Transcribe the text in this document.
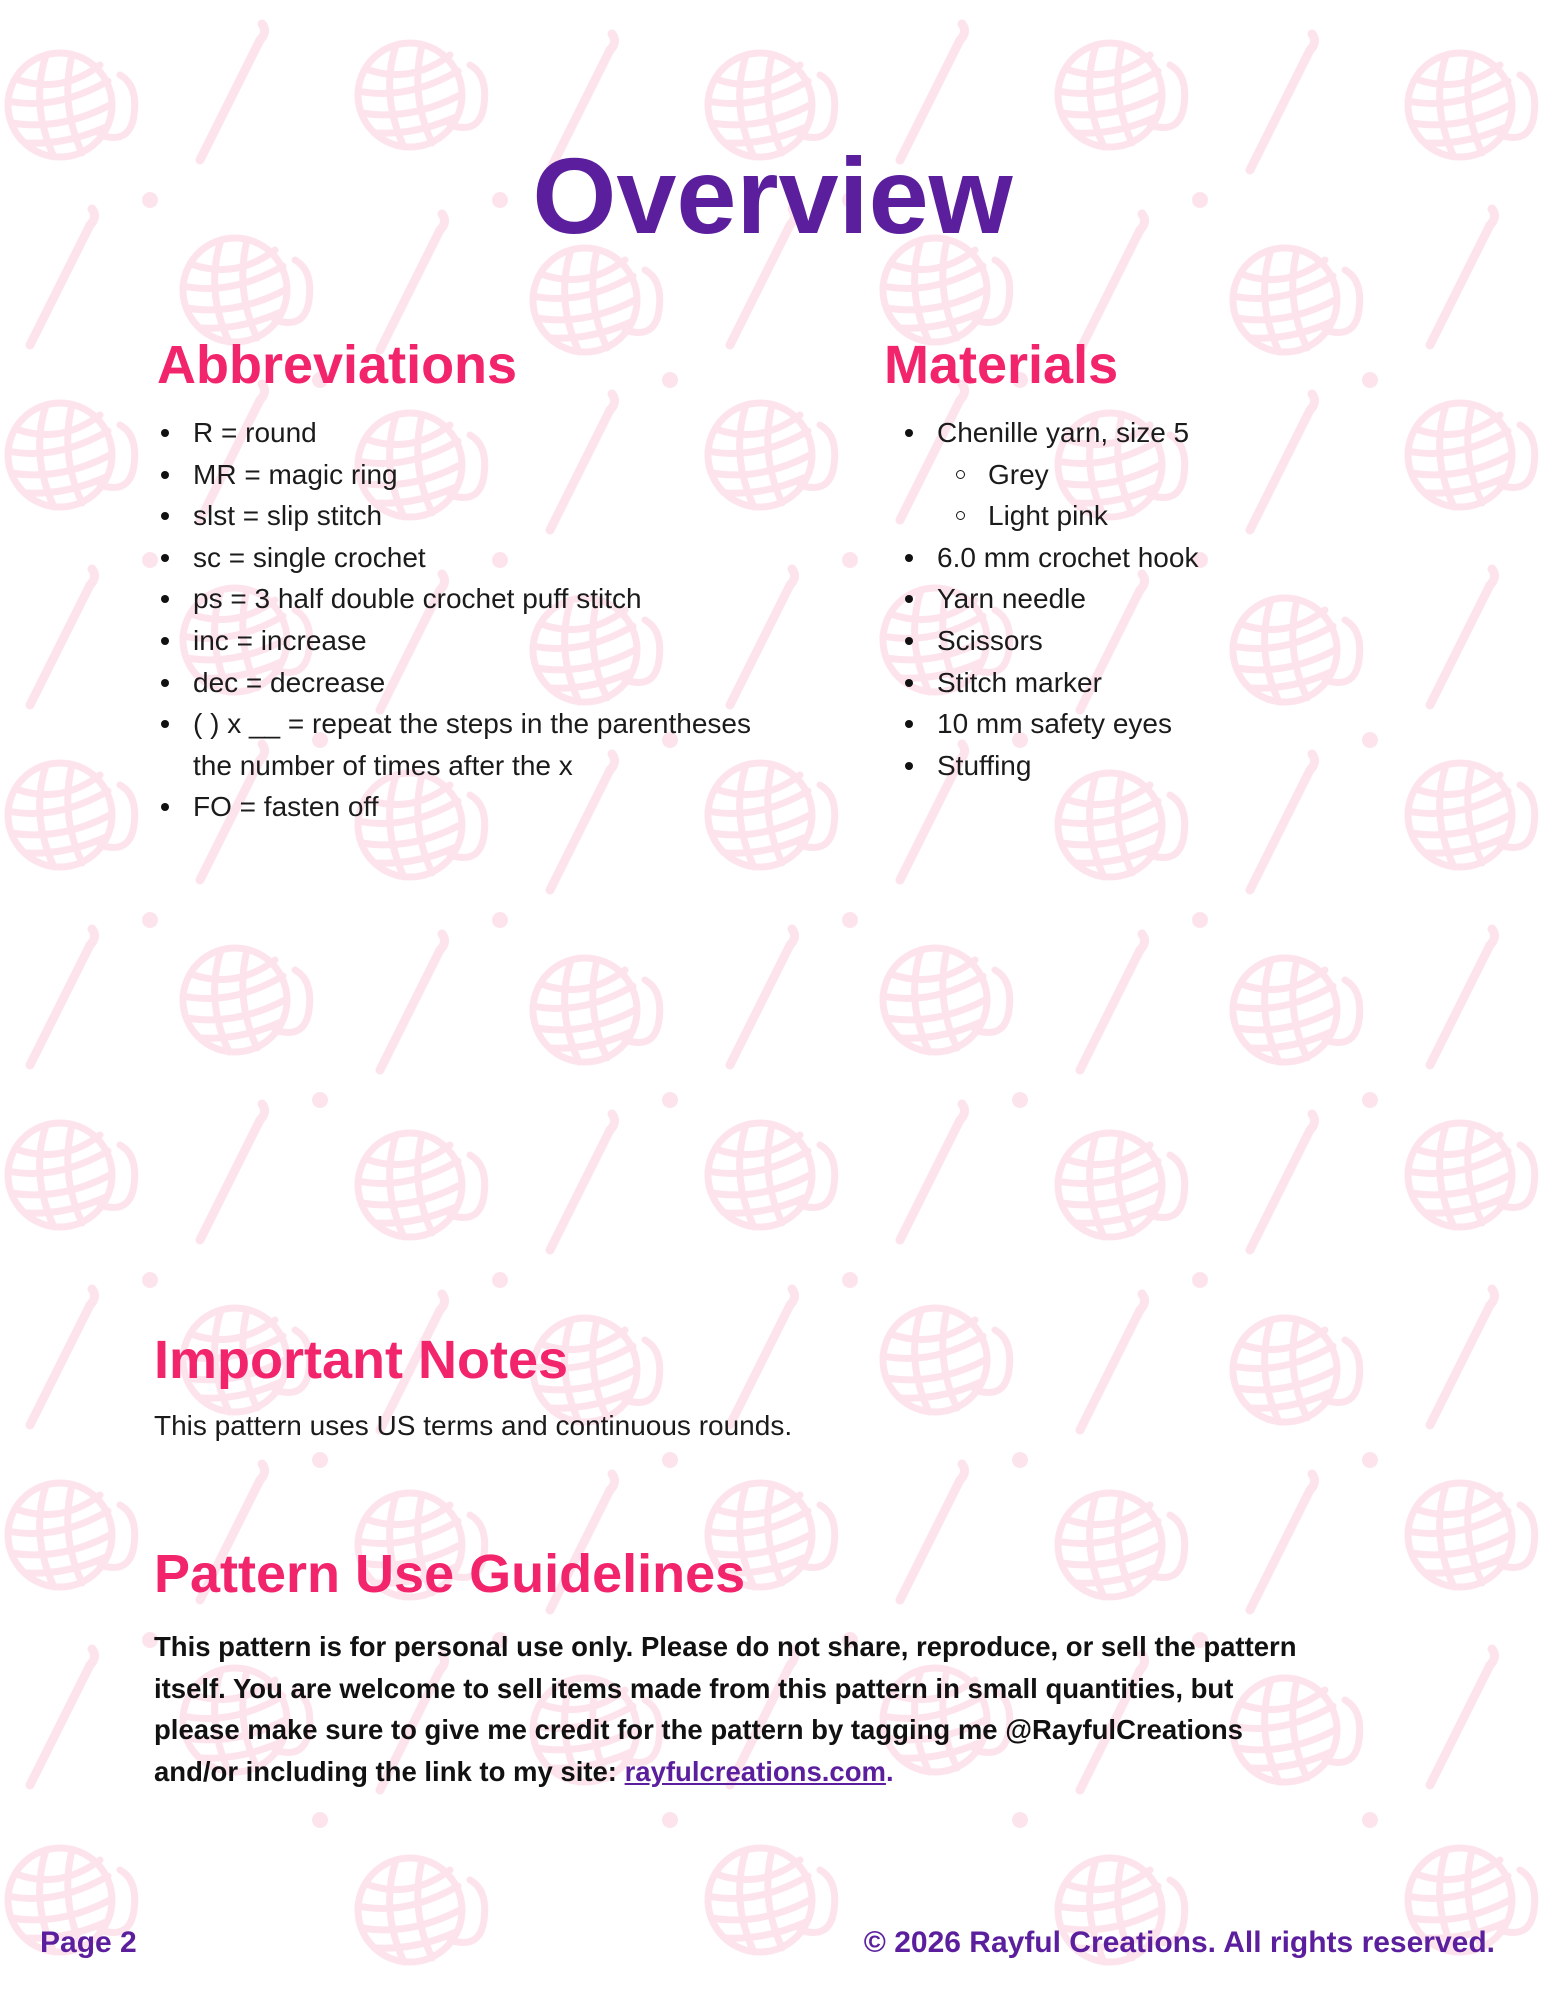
Overview
Abbreviations
R = round
MR = magic ring
slst = slip stitch
sc = single crochet
ps = 3 half double crochet puff stitch
inc = increase
dec = decrease
( ) x __ = repeat the steps in the parentheses the number of times after the x
FO = fasten off
Materials
Chenille yarn, size 5
Grey
Light pink
6.0 mm crochet hook
Yarn needle
Scissors
Stitch marker
10 mm safety eyes
Stuffing
Important Notes

This pattern uses US terms and continuous rounds.

Pattern Use Guidelines

This pattern is for personal use only. Please do not share, reproduce, or sell the pattern itself. You are welcome to sell items made from this pattern in small quantities, but please make sure to give me credit for the pattern by tagging me @RayfulCreations and/or including the link to my site: rayfulcreations.com.

Page 2	© 2026 Rayful Creations. All rights reserved.
